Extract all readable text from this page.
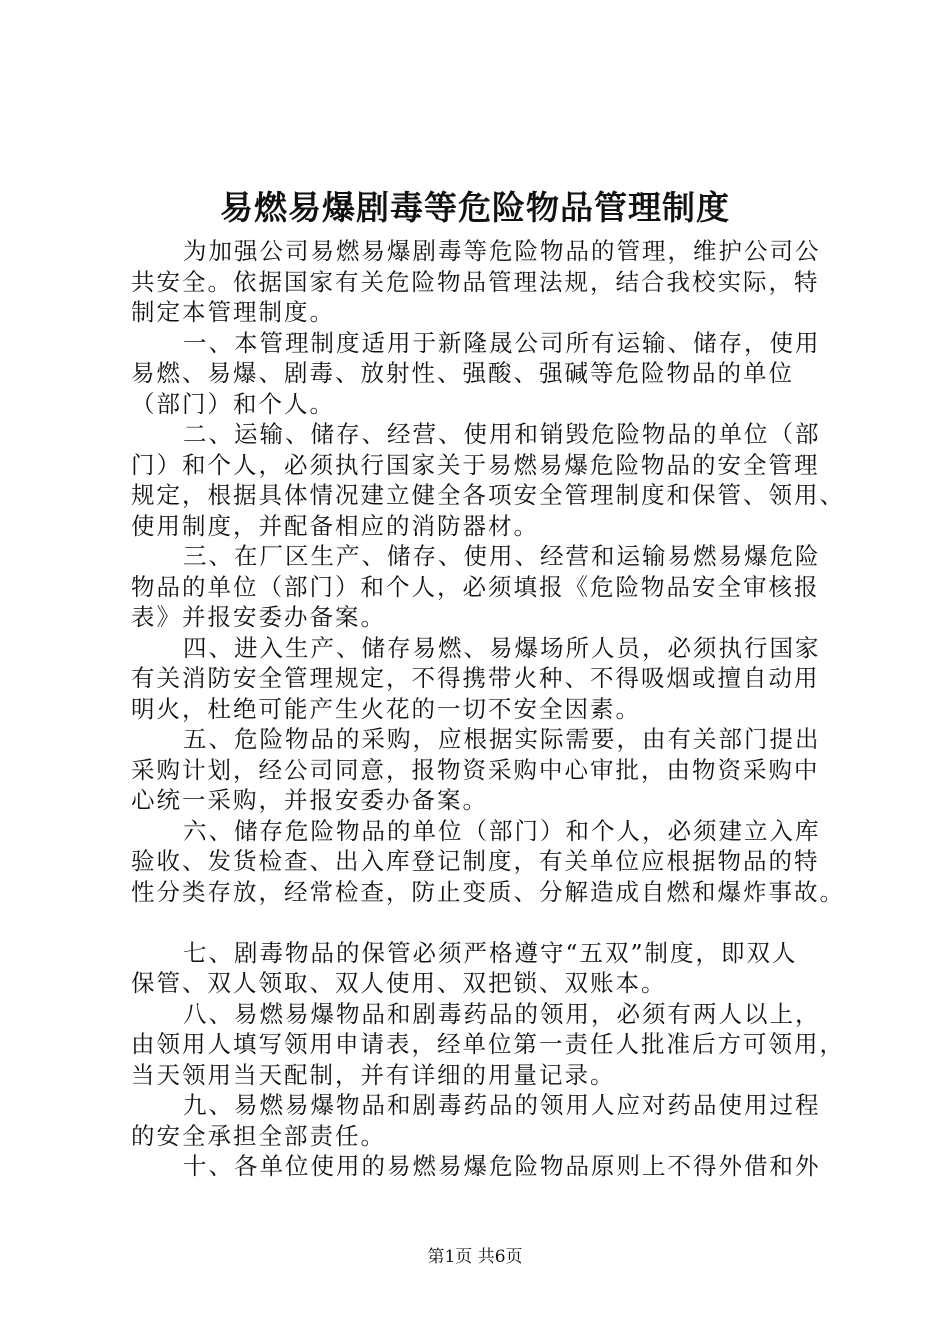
易燃易爆剧毒等危险物品管理制度

为加强公司易燃易爆剧毒等危险物品的管理，维护公司公
共安全。依据国家有关危险物品管理法规，结合我校实际，特
制定本管理制度。

一、本管理制度适用于新隆晟公司所有运输、储存，使用
易燃、易爆、剧毒、放射性、强酸、强碱等危险物品的单位
（部门）和个人。

二、运输、储存、经营、使用和销毁危险物品的单位（部
门）和个人，必须执行国家关于易燃易爆危险物品的安全管理
规定，根据具体情况建立健全各项安全管理制度和保管、领用、
使用制度，并配备相应的消防器材。

三、在厂区生产、储存、使用、经营和运输易燃易爆危险
物品的单位（部门）和个人，必须填报《危险物品安全审核报
表》并报安委办备案。

四、进入生产、储存易燃、易爆场所人员，必须执行国家
有关消防安全管理规定，不得携带火种、不得吸烟或擅自动用
明火，杜绝可能产生火花的一切不安全因素。

五、危险物品的采购，应根据实际需要，由有关部门提出
采购计划，经公司同意，报物资采购中心审批，由物资采购中
心统一采购，并报安委办备案。

六、储存危险物品的单位（部门）和个人，必须建立入库
验收、发货检查、出入库登记制度，有关单位应根据物品的特
性分类存放，经常检查，防止变质、分解造成自燃和爆炸事故。

七、剧毒物品的保管必须严格遵守“五双”制度，即双人
保管、双人领取、双人使用、双把锁、双账本。

八、易燃易爆物品和剧毒药品的领用，必须有两人以上，
由领用人填写领用申请表，经单位第一责任人批准后方可领用，
当天领用当天配制，并有详细的用量记录。

九、易燃易爆物品和剧毒药品的领用人应对药品使用过程
的安全承担全部责任。

十、各单位使用的易燃易爆危险物品原则上不得外借和外

第1页 共6页
